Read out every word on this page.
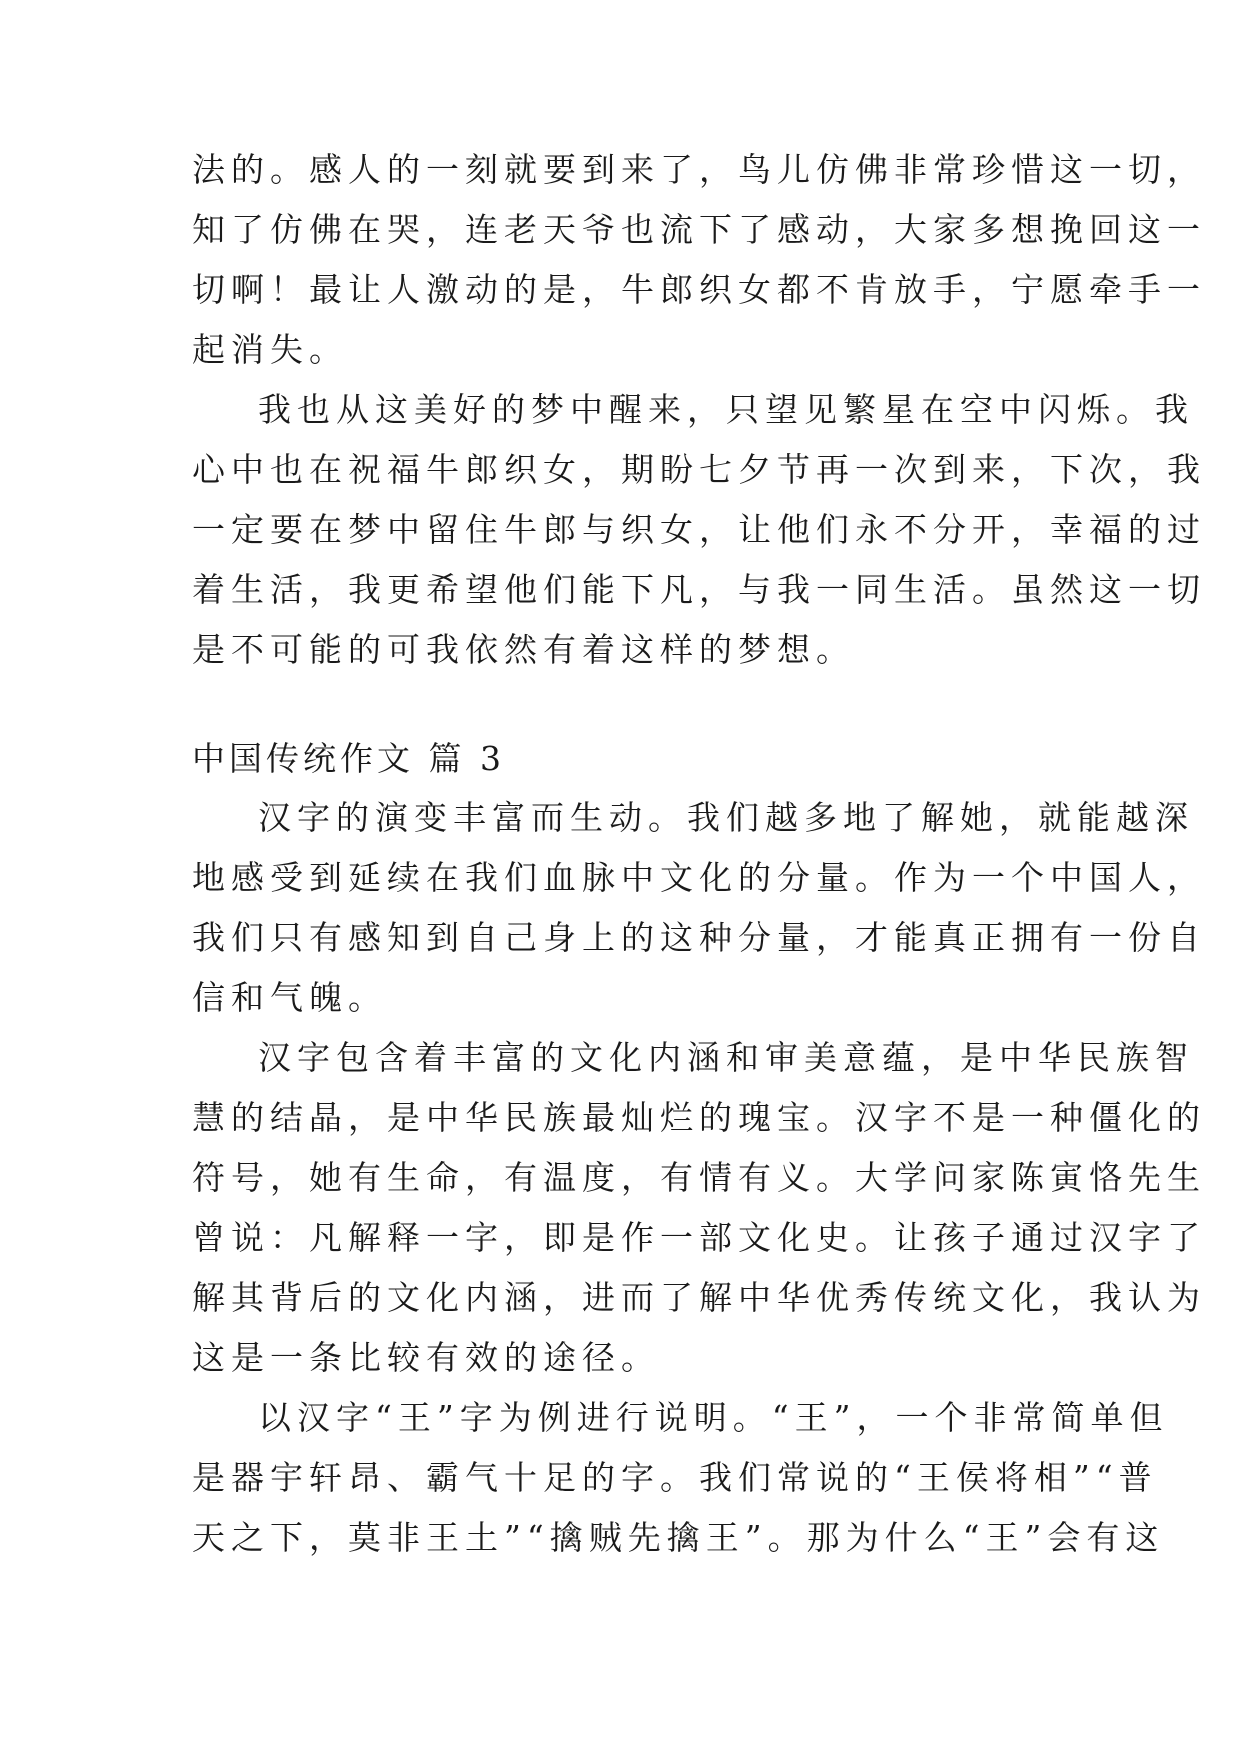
法的。感人的一刻就要到来了，鸟儿仿佛非常珍惜这一切，
知了仿佛在哭，连老天爷也流下了感动，大家多想挽回这一
切啊！最让人激动的是，牛郎织女都不肯放手，宁愿牵手一
起消失。
我也从这美好的梦中醒来，只望见繁星在空中闪烁。我
心中也在祝福牛郎织女，期盼七夕节再一次到来，下次，我
一定要在梦中留住牛郎与织女，让他们永不分开，幸福的过
着生活，我更希望他们能下凡，与我一同生活。虽然这一切
是不可能的可我依然有着这样的梦想。
中国传统作文 篇 3
汉字的演变丰富而生动。我们越多地了解她，就能越深
地感受到延续在我们血脉中文化的分量。作为一个中国人，
我们只有感知到自己身上的这种分量，才能真正拥有一份自
信和气魄。
汉字包含着丰富的文化内涵和审美意蕴，是中华民族智
慧的结晶，是中华民族最灿烂的瑰宝。汉字不是一种僵化的
符号，她有生命，有温度，有情有义。大学问家陈寅恪先生
曾说：凡解释一字，即是作一部文化史。让孩子通过汉字了
解其背后的文化内涵，进而了解中华优秀传统文化，我认为
这是一条比较有效的途径。
以汉字“王”字为例进行说明。“王”，一个非常简单但
是器宇轩昂、霸气十足的字。我们常说的“王侯将相”“普
天之下，莫非王土”“擒贼先擒王”。那为什么“王”会有这
